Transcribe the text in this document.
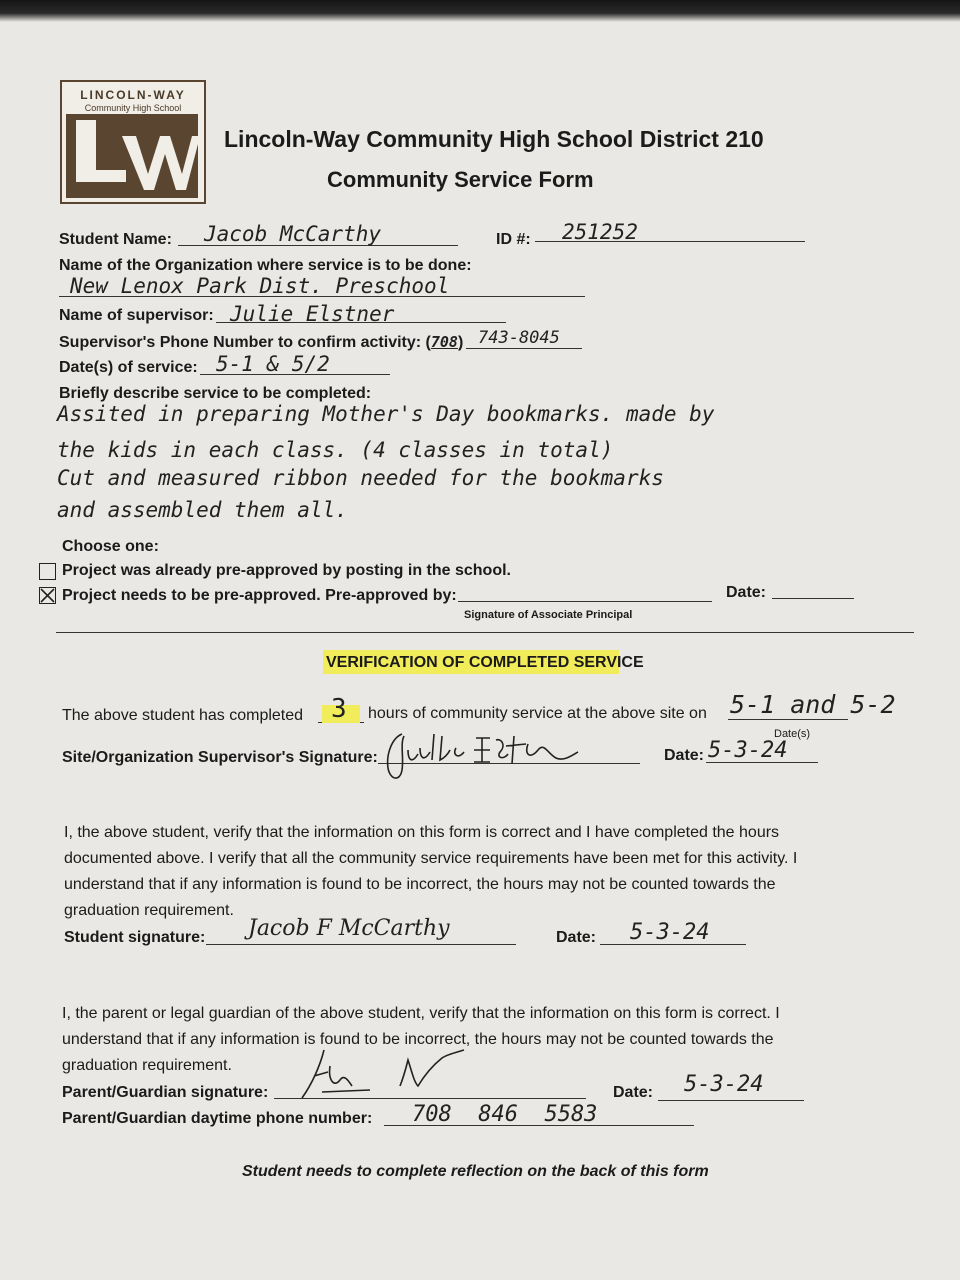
LINCOLN-WAY
Community High School
Lincoln-Way Community High School District 210
Community Service Form
Student Name: Jacob McCarthy	ID #: 251252
Name of the Organization where service is to be done:
New Lenox Park Dist. Preschool
Name of supervisor: Julie Elstner
Supervisor's Phone Number to confirm activity: (708) 743-8045
Date(s) of service: 5-1 & 5/2
Briefly describe service to be completed:
Assited in preparing Mother's Day bookmarks. made by
the kids in each class. (4 classes in total)
Cut and measured ribbon needed for the bookmarks
and assembled them all.
Choose one:
Project was already pre-approved by posting in the school.
Project needs to be pre-approved. Pre-approved by:	Date:
Signature of Associate Principal
VERIFICATION OF COMPLETED SERVICE
The above student has completed 3 hours of community service at the above site on 5-1 and 5-2
Date(s)
Site/Organization Supervisor's Signature:	Date: 5-3-24
I, the above student, verify that the information on this form is correct and I have completed the hours
documented above. I verify that all the community service requirements have been met for this activity. I
understand that if any information is found to be incorrect, the hours may not be counted towards the
graduation requirement.
Student signature: Jacob F McCarthy	Date: 5-3-24
I, the parent or legal guardian of the above student, verify that the information on this form is correct. I
understand that if any information is found to be incorrect, the hours may not be counted towards the
graduation requirement.
Parent/Guardian signature:	Date: 5-3-24
Parent/Guardian daytime phone number: 708  846  5583
Student needs to complete reflection on the back of this form
